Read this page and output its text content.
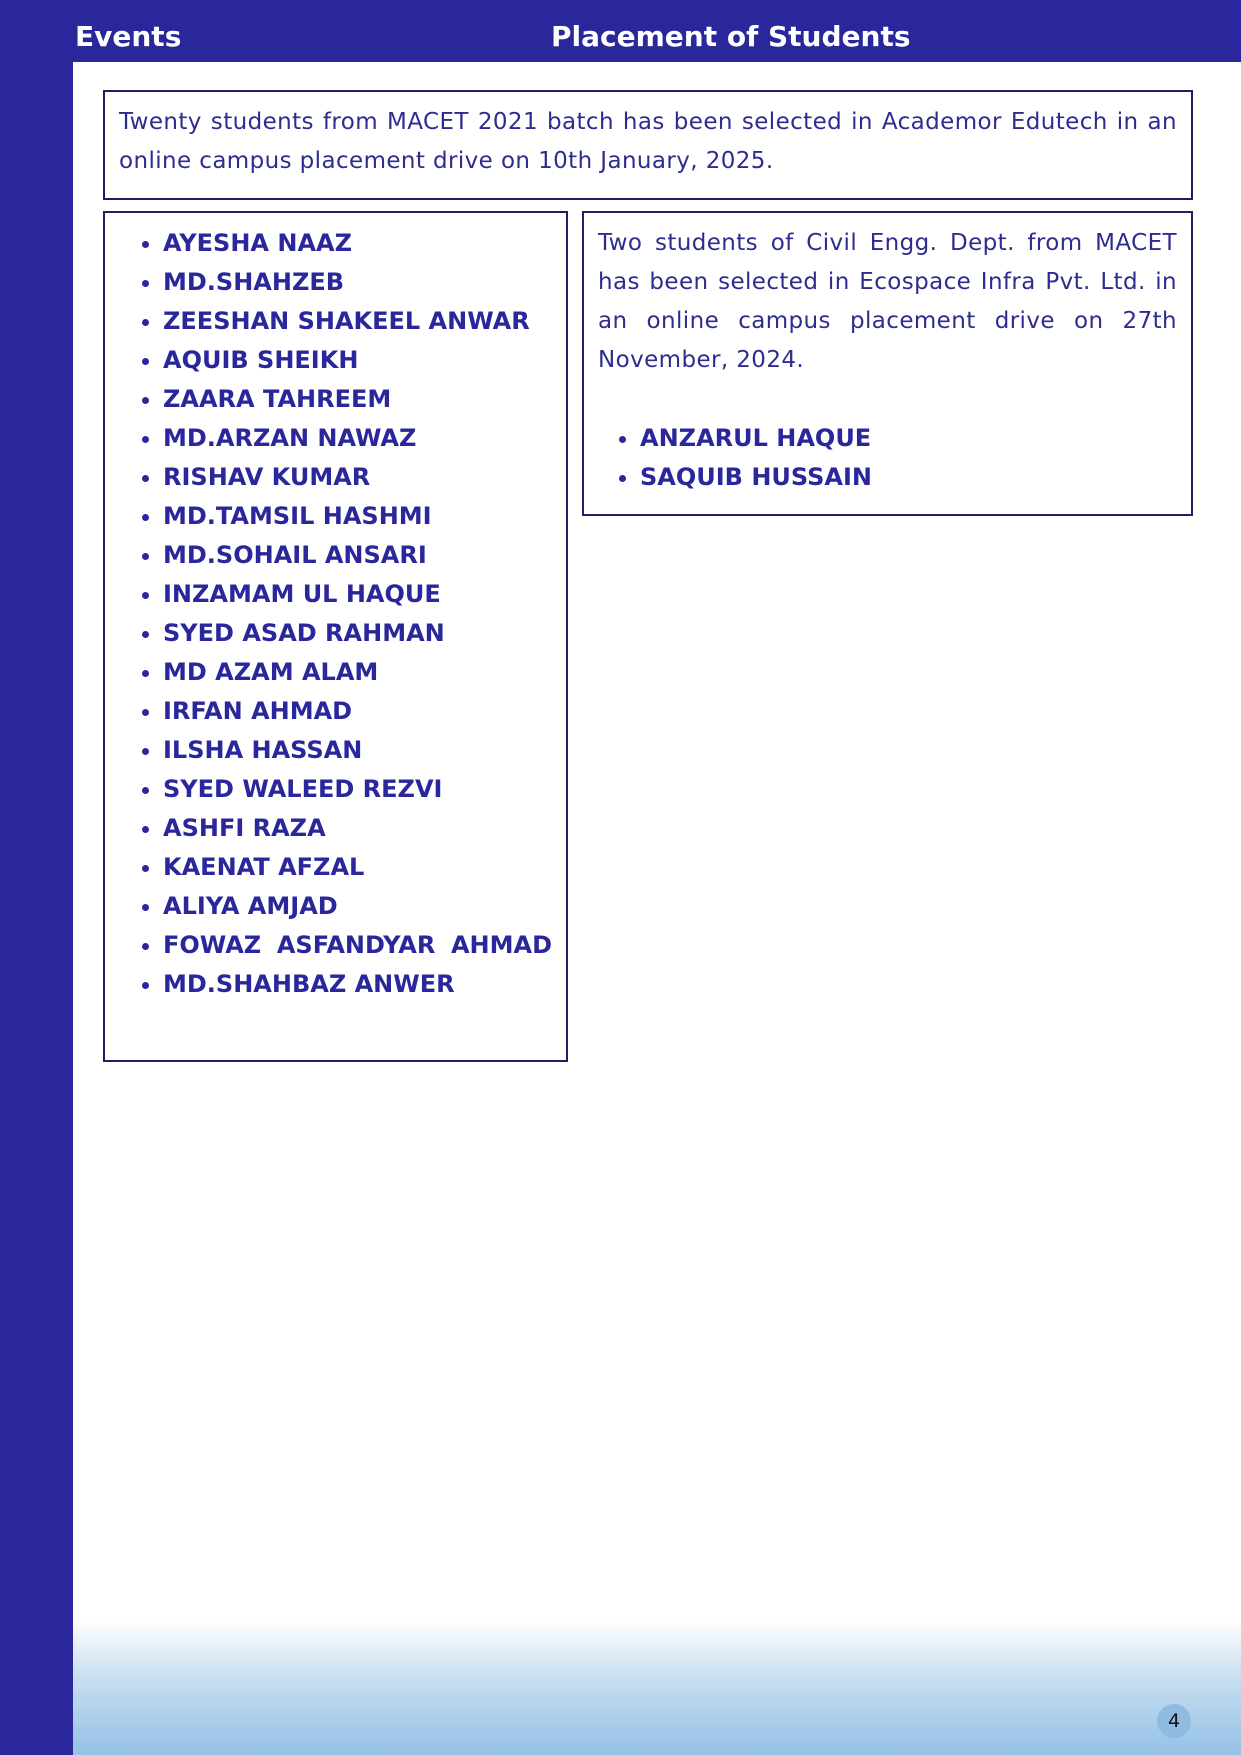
Events	Placement of Students
Twenty students from MACET 2021 batch has been selected in Academor Edutech in an online campus placement drive on 10th January, 2025.
• AYESHA NAAZ
• MD.SHAHZEB
• ZEESHAN SHAKEEL ANWAR
• AQUIB SHEIKH
• ZAARA TAHREEM
• MD.ARZAN NAWAZ
• RISHAV KUMAR
• MD.TAMSIL HASHMI
• MD.SOHAIL ANSARI
• INZAMAM UL HAQUE
• SYED ASAD RAHMAN
• MD AZAM ALAM
• IRFAN AHMAD
• ILSHA HASSAN
• SYED WALEED REZVI
• ASHFI RAZA
• KAENAT AFZAL
• ALIYA AMJAD
• FOWAZ ASFANDYAR AHMAD
• MD.SHAHBAZ ANWER

Two students of Civil Engg. Dept. from MACET has been selected in Ecospace Infra Pvt. Ltd. in an online campus placement drive on 27th November, 2024.

• ANZARUL HAQUE
• SAQUIB HUSSAIN
4
